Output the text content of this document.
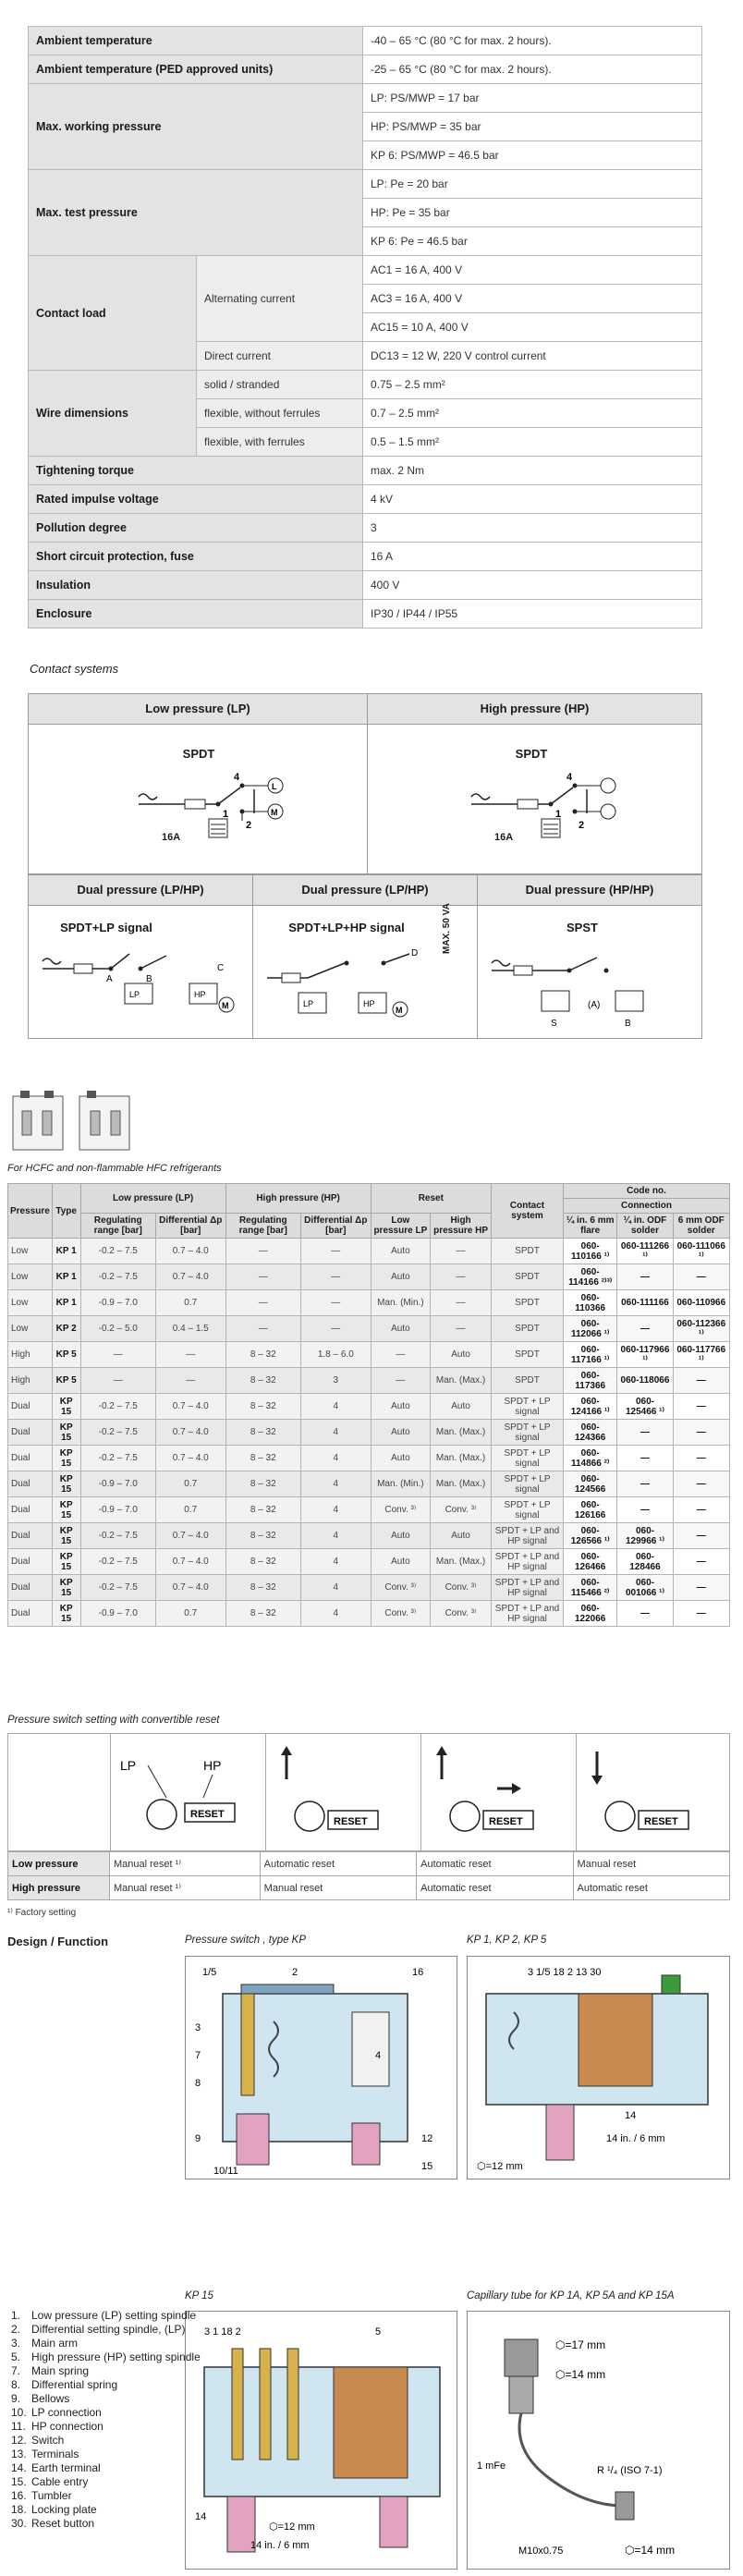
Ambient temperature		-40 – 65 °C (80 °C for max. 2 hours).
Ambient temperature (PED approved units)		-25 – 65 °C (80 °C for max. 2 hours).
Max. working pressure		LP: PS/MWP = 17 bar
		HP: PS/MWP = 35 bar
		KP 6: PS/MWP = 46.5 bar
Max. test pressure		LP: Pe = 20 bar
		HP: Pe = 35 bar
		KP 6: Pe = 46.5 bar
Contact load	Alternating current	AC1 = 16 A, 400 V
		AC3 = 16 A, 400 V
		AC15 = 10 A, 400 V
	Direct current	DC13 = 12 W, 220 V control current
Wire dimensions	solid / stranded	0.75 – 2.5 mm²
	flexible, without ferrules	0.7 – 2.5 mm²
	flexible, with ferrules	0.5 – 1.5 mm²
Tightening torque		max. 2 Nm
Rated impulse voltage		4 kV
Pollution degree		3
Short circuit protection, fuse		16 A
Insulation		400 V
Enclosure		IP30 / IP44 / IP55
Contact systems
Low pressure (LP)	High pressure (HP)
SPDT	SPDT
L
M
4
1
2
16A
4
1
2
16A
Dual pressure (LP/HP)	Dual pressure (LP/HP)	Dual pressure (HP/HP)
SPDT+LP signal	SPDT+LP+HP signal	SPST
LP	HP
M
A	B
C
LP	HP
M
D	MAX. 50 VA
S
(A)
B
For HCFC and non-flammable HFC refrigerants
Pressure	Type	Low pressure (LP)		High pressure (HP)		Reset		Contact system	Code no.		
									Connection		
		Regulating range [bar]	Differential Δp [bar]	Regulating range [bar]	Differential Δp [bar]	Low pressure LP	High pressure HP		¼ in. 6 mm flare	¼ in. ODF solder	6 mm ODF solder
Low	KP 1	-0.2 – 7.5	0.7 – 4.0	—	—	Auto	—	SPDT	060-110166 ¹⁾	060-111266 ¹⁾	060-111066 ¹⁾
Low	KP 1	-0.2 – 7.5	0.7 – 4.0	—	—	Auto	—	SPDT	060-114166 ²⁾³⁾	—	—
Low	KP 1	-0.9 – 7.0	0.7	—	—	Man. (Min.)	—	SPDT	060-110366	060-111166	060-110966
Low	KP 2	-0.2 – 5.0	0.4 – 1.5	—	—	Auto	—	SPDT	060-112066 ¹⁾	—	060-112366 ¹⁾
High	KP 5	—	—	8 – 32	1.8 – 6.0	—	Auto	SPDT	060-117166 ¹⁾	060-117966 ¹⁾	060-117766 ¹⁾
High	KP 5	—	—	8 – 32	3	—	Man. (Max.)	SPDT	060-117366	060-118066	—
Dual	KP 15	-0.2 – 7.5	0.7 – 4.0	8 – 32	4	Auto	Auto	SPDT + LP signal	060-124166 ¹⁾	060-125466 ¹⁾	—
Dual	KP 15	-0.2 – 7.5	0.7 – 4.0	8 – 32	4	Auto	Man. (Max.)	SPDT + LP signal	060-124366	—	—
Dual	KP 15	-0.2 – 7.5	0.7 – 4.0	8 – 32	4	Auto	Man. (Max.)	SPDT + LP signal	060-114866 ²⁾	—	—
Dual	KP 15	-0.9 – 7.0	0.7	8 – 32	4	Man. (Min.)	Man. (Max.)	SPDT + LP signal	060-124566	—	—
Dual	KP 15	-0.9 – 7.0	0.7	8 – 32	4	Conv. ³⁾	Conv. ³⁾	SPDT + LP signal	060-126166	—	—
Dual	KP 15	-0.2 – 7.5	0.7 – 4.0	8 – 32	4	Auto	Auto	SPDT + LP and HP signal	060-126566 ¹⁾	060-129966 ¹⁾	—
Dual	KP 15	-0.2 – 7.5	0.7 – 4.0	8 – 32	4	Auto	Man. (Max.)	SPDT + LP and HP signal	060-126466	060-128466	—
Dual	KP 15	-0.2 – 7.5	0.7 – 4.0	8 – 32	4	Conv. ³⁾	Conv. ³⁾	SPDT + LP and HP signal	060-115466 ²⁾	060-001066 ¹⁾	—
Dual	KP 15	-0.9 – 7.0	0.7	8 – 32	4	Conv. ³⁾	Conv. ³⁾	SPDT + LP and HP signal	060-122066	—	—
Pressure switch setting with convertible reset
LP	HP
RESET
RESET	RESET	RESET
Low pressure	Manual reset ¹⁾	Automatic reset	Automatic reset	Manual reset
High pressure	Manual reset ¹⁾	Manual reset	Automatic reset	Automatic reset
¹⁾ Factory setting
Design / Function	Pressure switch , type KP	KP 1, KP 2, KP 5
1/5	2	16
3
7
8
9
10/11
12
15
4
3 1/5 18 2 13 30
14
14 in. / 6 mm
⬡=12 mm
KP 15	Capillary tube for KP 1A, KP 5A and KP 15A
3 1 18 2	5
14
⬡=12 mm
14 in. / 6 mm
⬡=17 mm
⬡=14 mm
1 mFe	R ¹/₄ (ISO 7-1)
M10x0.75	⬡=14 mm
1. Low pressure (LP) setting spindle
2. Differential setting spindle, (LP)
3. Main arm
5. High pressure (HP) setting spindle
7. Main spring
8. Differential spring
9. Bellows
10. LP connection
11. HP connection
12. Switch
13. Terminals
14. Earth terminal
15. Cable entry
16. Tumbler
18. Locking plate
30. Reset button
